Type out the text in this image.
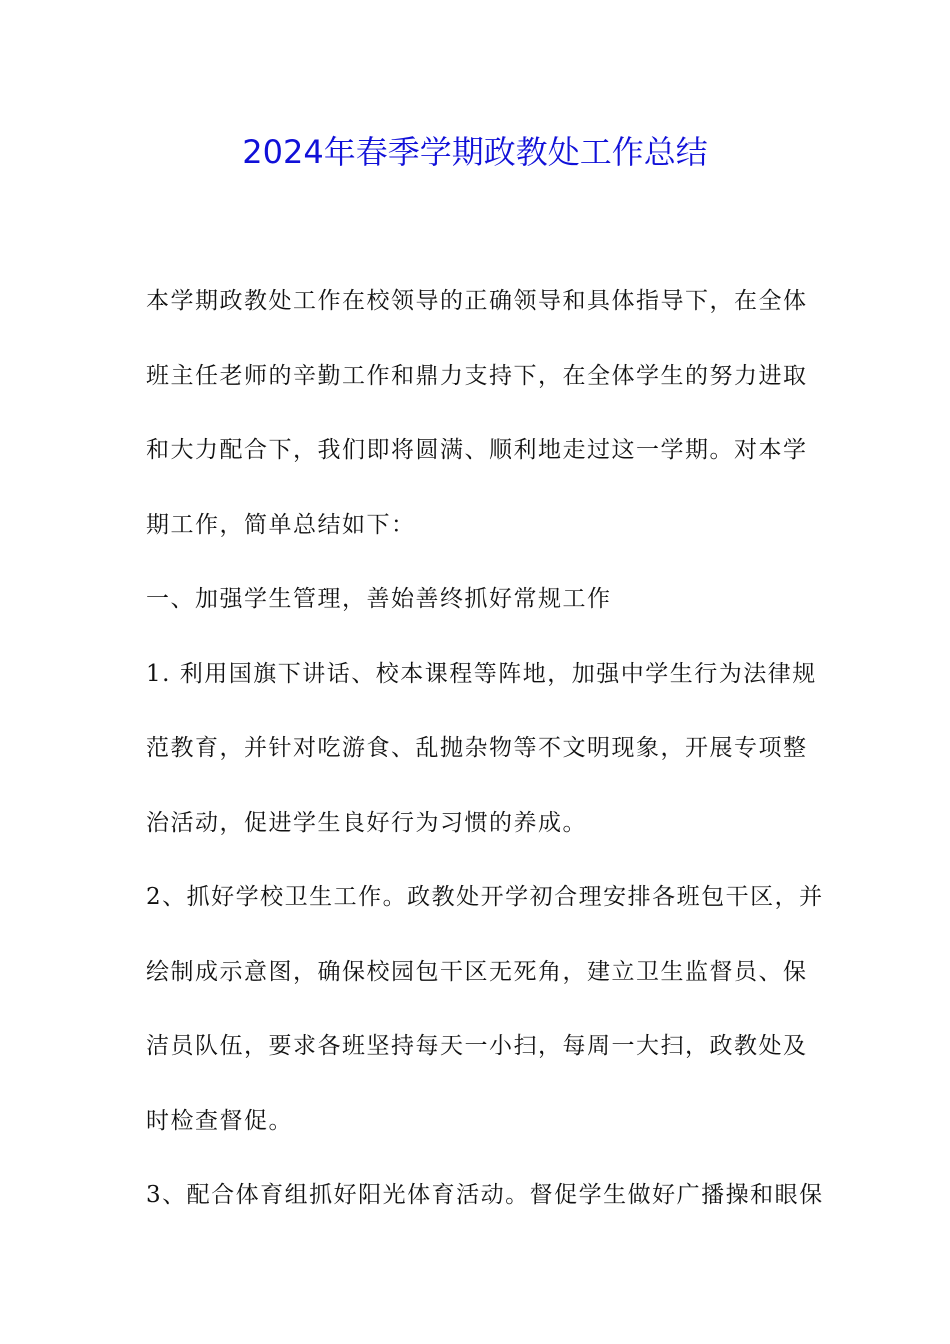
2024年春季学期政教处工作总结

本学期政教处工作在校领导的正确领导和具体指导下，在全体
班主任老师的辛勤工作和鼎力支持下，在全体学生的努力进取
和大力配合下，我们即将圆满、顺利地走过这一学期。对本学
期工作，简单总结如下：

一、加强学生管理，善始善终抓好常规工作

1. 利用国旗下讲话、校本课程等阵地，加强中学生行为法律规
范教育，并针对吃游食、乱抛杂物等不文明现象，开展专项整
治活动，促进学生良好行为习惯的养成。

2、抓好学校卫生工作。政教处开学初合理安排各班包干区，并
绘制成示意图，确保校园包干区无死角，建立卫生监督员、保
洁员队伍，要求各班坚持每天一小扫，每周一大扫，政教处及
时检查督促。

3、配合体育组抓好阳光体育活动。督促学生做好广播操和眼保
